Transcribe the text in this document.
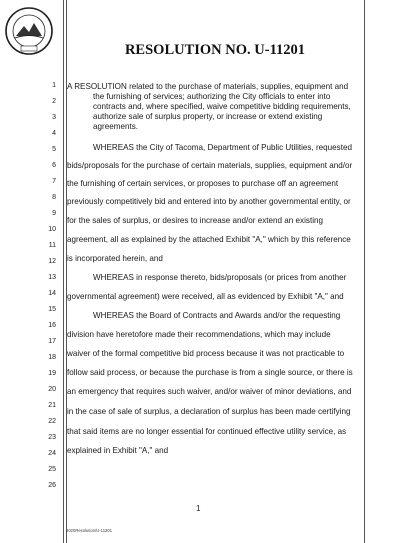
RESOLUTION NO. U-11201
1
2
3
4
5
6
7
8
9
10
11
12
13
14
15
16
17
18
19
20
21
22
23
24
25
26
A RESOLUTION related to the purchase of materials, supplies, equipment and
the furnishing of services; authorizing the City officials to enter into
contracts and, where specified, waive competitive bidding requirements,
authorize sale of surplus property, or increase or extend existing
agreements.
WHEREAS the City of Tacoma, Department of Public Utilities, requested
bids/proposals for the purchase of certain materials, supplies, equipment and/or
the furnishing of certain services, or proposes to purchase off an agreement
previously competitively bid and entered into by another governmental entity, or
for the sales of surplus, or desires to increase and/or extend an existing
agreement, all as explained by the attached Exhibit "A," which by this reference
is incorporated herein, and
WHEREAS in response thereto, bids/proposals (or prices from another
governmental agreement) were received, all as evidenced by Exhibit "A," and
WHEREAS the Board of Contracts and Awards and/or the requesting
division have heretofore made their recommendations, which may include
waiver of the formal competitive bid process because it was not practicable to
follow said process, or because the purchase is from a single source, or there is
an emergency that requires such waiver, and/or waiver of minor deviations, and
in the case of sale of surplus, a declaration of surplus has been made certifying
that said items are no longer essential for continued effective utility service, as
explained in Exhibit "A," and
1
2020Resolution/U-11201
